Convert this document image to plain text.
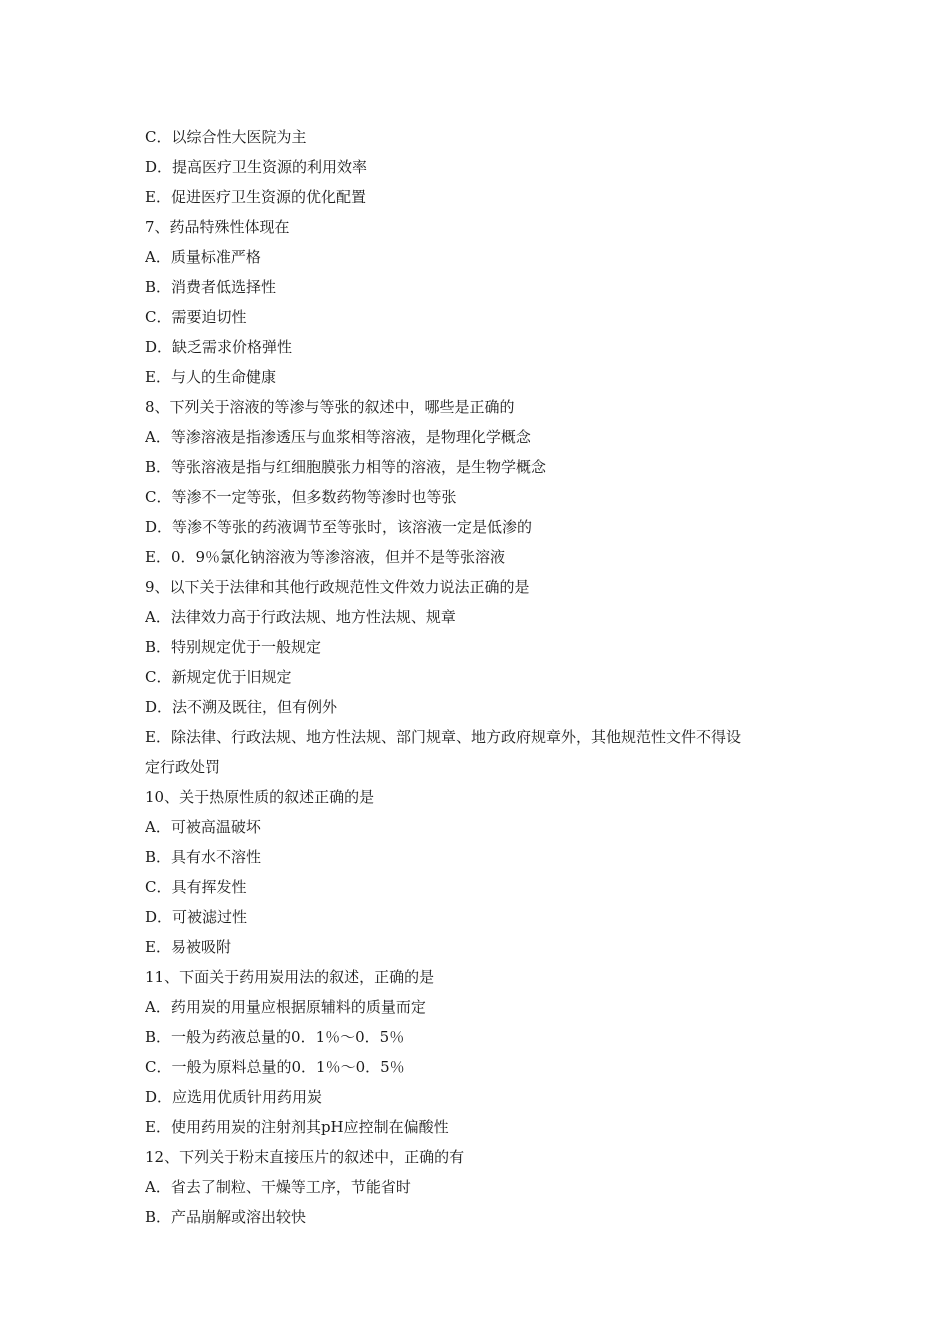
C．以综合性大医院为主
D．提高医疗卫生资源的利用效率
E．促进医疗卫生资源的优化配置
7、药品特殊性体现在
A．质量标准严格
B．消费者低选择性
C．需要迫切性
D．缺乏需求价格弹性
E．与人的生命健康
8、下列关于溶液的等渗与等张的叙述中，哪些是正确的
A．等渗溶液是指渗透压与血浆相等溶液，是物理化学概念
B．等张溶液是指与红细胞膜张力相等的溶液，是生物学概念
C．等渗不一定等张，但多数药物等渗时也等张
D．等渗不等张的药液调节至等张时，该溶液一定是低渗的
E．0．9％氯化钠溶液为等渗溶液，但并不是等张溶液
9、以下关于法律和其他行政规范性文件效力说法正确的是
A．法律效力高于行政法规、地方性法规、规章
B．特别规定优于一般规定
C．新规定优于旧规定
D．法不溯及既往，但有例外
E．除法律、行政法规、地方性法规、部门规章、地方政府规章外，其他规范性文件不得设
定行政处罚
10、关于热原性质的叙述正确的是
A．可被高温破坏
B．具有水不溶性
C．具有挥发性
D．可被滤过性
E．易被吸附
11、下面关于药用炭用法的叙述，正确的是
A．药用炭的用量应根据原辅料的质量而定
B．一般为药液总量的0．1％～0．5％
C．一般为原料总量的0．1％～0．5％
D．应选用优质针用药用炭
E．使用药用炭的注射剂其pH应控制在偏酸性
12、下列关于粉末直接压片的叙述中，正确的有
A．省去了制粒、干燥等工序，节能省时
B．产品崩解或溶出较快
